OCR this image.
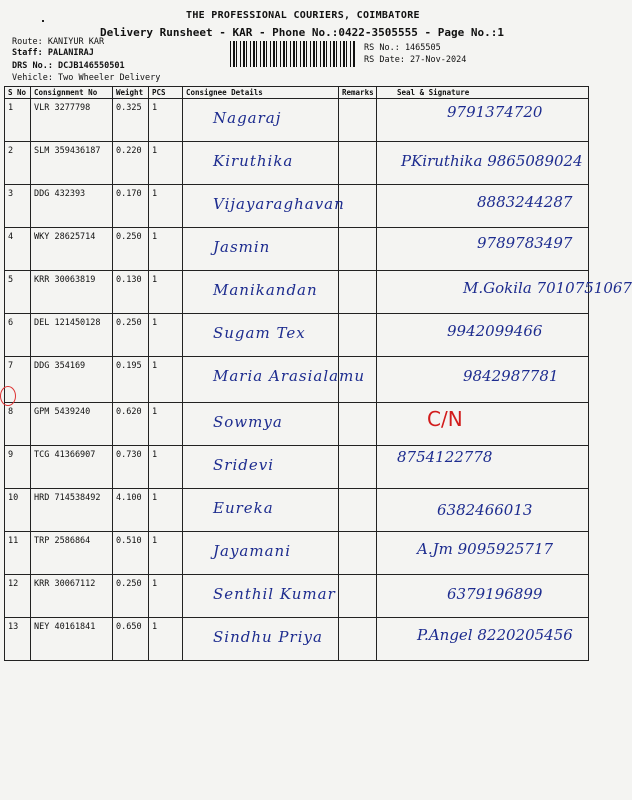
THE PROFESSIONAL COURIERS, COIMBATORE
Delivery Runsheet - KAR - Phone No.:0422-3505555 - Page No.:1
Route: KANIYUR KAR
Staff: PALANIRAJ
DRS No.: DCJB146550501
Vehicle: Two Wheeler Delivery
RS No.: 1465505
RS Date: 27-Nov-2024
S No	Consignment No	Weight	PCS	Consignee Details	Remarks	Seal & Signature
1	VLR 3277798	0.325	1	Nagaraj		9791374720

2	SLM 359436187	0.220	1	Kiruthika		PKiruthika 9865089024

3	DDG 432393	0.170	1	Vijayaraghavan		8883244287

4	WKY 28625714	0.250	1	Jasmin		9789783497

5	KRR 30063819	0.130	1	Manikandan		M.Gokila 7010751067

6	DEL 121450128	0.250	1	Sugam Tex		9942099466

7	DDG 354169	0.195	1	Maria Arasialamu		9842987781

8	GPM 5439240	0.620	1	Sowmya		C/N

9	TCG 41366907	0.730	1	Sridevi		8754122778

10	HRD 714538492	4.100	1	Eureka		6382466013

11	TRP 2586864	0.510	1	Jayamani		A.Jm 9095925717

12	KRR 30067112	0.250	1	Senthil Kumar		6379196899

13	NEY 40161841	0.650	1	Sindhu Priya		P.Angel 8220205456
